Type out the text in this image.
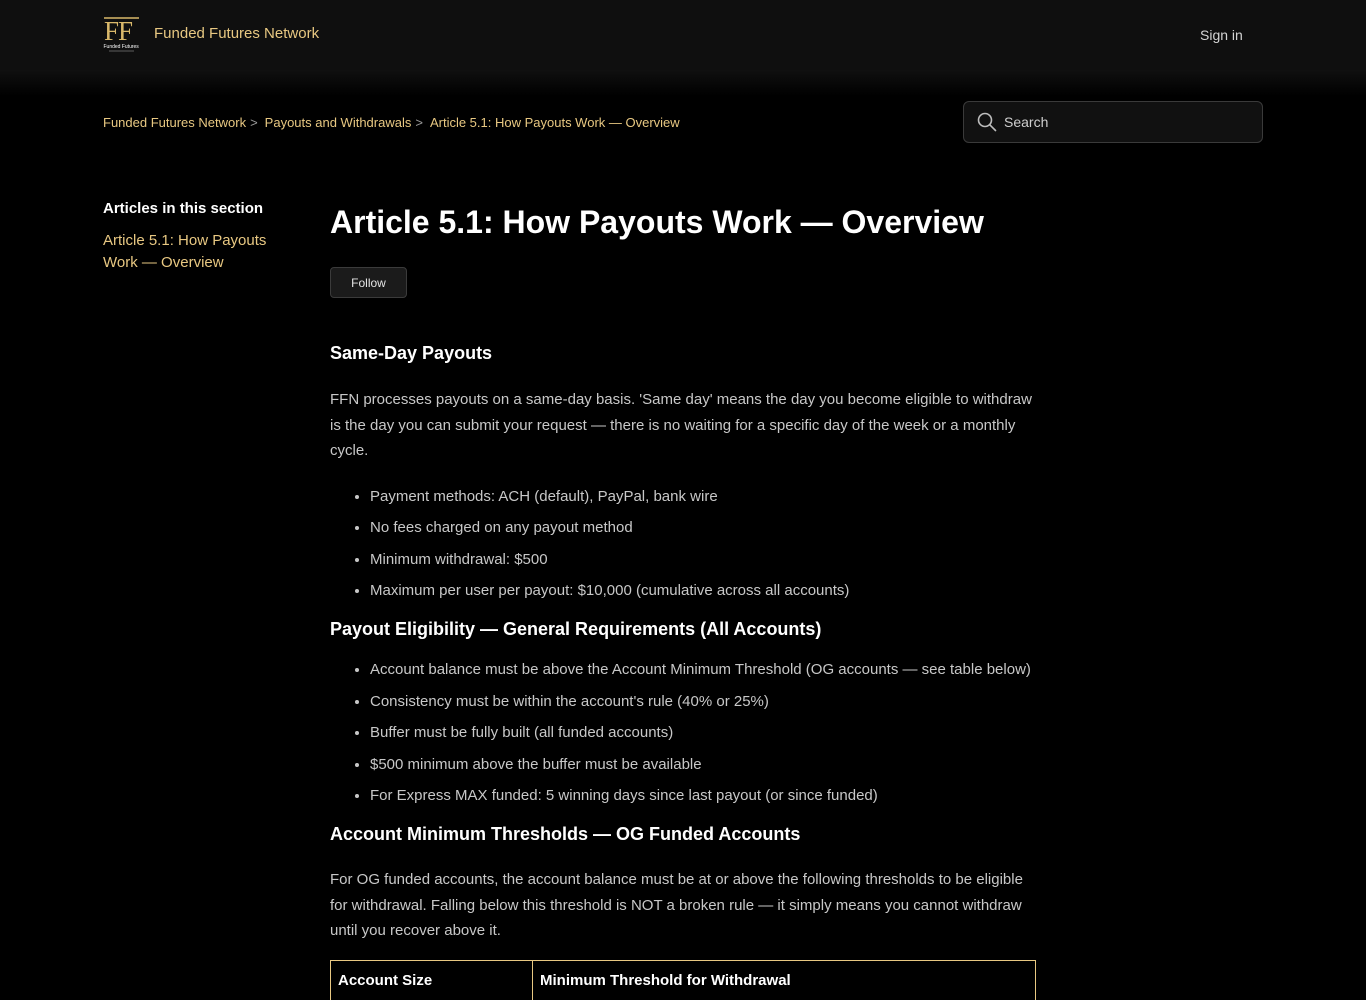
F
F
Funded Futures
Funded Futures Network	Sign in
Funded Futures Network > Payouts and Withdrawals > Article 5.1: How Payouts Work — Overview
Search
Articles in this section
Article 5.1: How Payouts Work — Overview
Article 5.1: How Payouts Work — Overview
Follow
Same-Day Payouts

FFN processes payouts on a same-day basis. 'Same day' means the day you become eligible to withdraw is the day you can submit your request — there is no waiting for a specific day of the week or a monthly cycle.

• Payment methods: ACH (default), PayPal, bank wire
• No fees charged on any payout method
• Minimum withdrawal: $500
• Maximum per user per payout: $10,000 (cumulative across all accounts)
Payout Eligibility — General Requirements (All Accounts)
• Account balance must be above the Account Minimum Threshold (OG accounts — see table below)
• Consistency must be within the account's rule (40% or 25%)
• Buffer must be fully built (all funded accounts)
• $500 minimum above the buffer must be available
• For Express MAX funded: 5 winning days since last payout (or since funded)
Account Minimum Thresholds — OG Funded Accounts

For OG funded accounts, the account balance must be at or above the following thresholds to be eligible for withdrawal. Falling below this threshold is NOT a broken rule — it simply means you cannot withdraw until you recover above it.

Account Size	Minimum Threshold for Withdrawal
